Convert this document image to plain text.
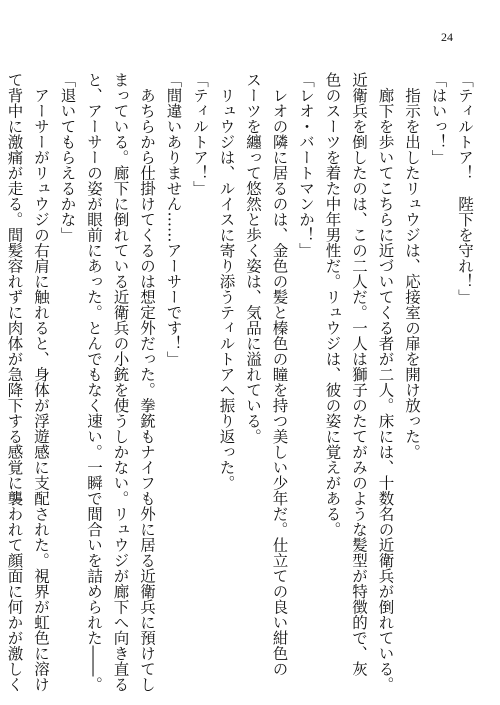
24
「ティルトア！　陛下を守れ！」
「はいっ！」
　指示を出したリュウジは、応接室の扉を開け放った。
　廊下を歩いてこちらに近づいてくる者が二人。床には、十数名の近衛兵が倒れている。
近衛兵を倒したのは、この二人だ。一人は獅子のたてがみのような髪型が特徴的で、灰
色のスーツを着た中年男性だ。リュウジは、彼の姿に覚えがある。
「レオ・バートマンか！」
　レオの隣に居るのは、金色の髪と榛色の瞳を持つ美しい少年だ。仕立ての良い紺色の
スーツを纏って悠然と歩く姿は、気品に溢れている。
　リュウジは、ルイスに寄り添うティルトアへ振り返った。
「ティルトア！」
「間違いありません……アーサーです！」
　あちらから仕掛けてくるのは想定外だった。拳銃もナイフも外に居る近衛兵に預けてし
まっている。廊下に倒れている近衛兵の小銃を使うしかない。リュウジが廊下へ向き直る
と、アーサーの姿が眼前にあった。とんでもなく速い。一瞬で間合いを詰められた――。
「退いてもらえるかな」
　アーサーがリュウジの右肩に触れると、身体が浮遊感に支配された。視界が虹色に溶け
て背中に激痛が走る。間髪容れずに肉体が急降下する感覚に襲われて顔面に何かが激しく
